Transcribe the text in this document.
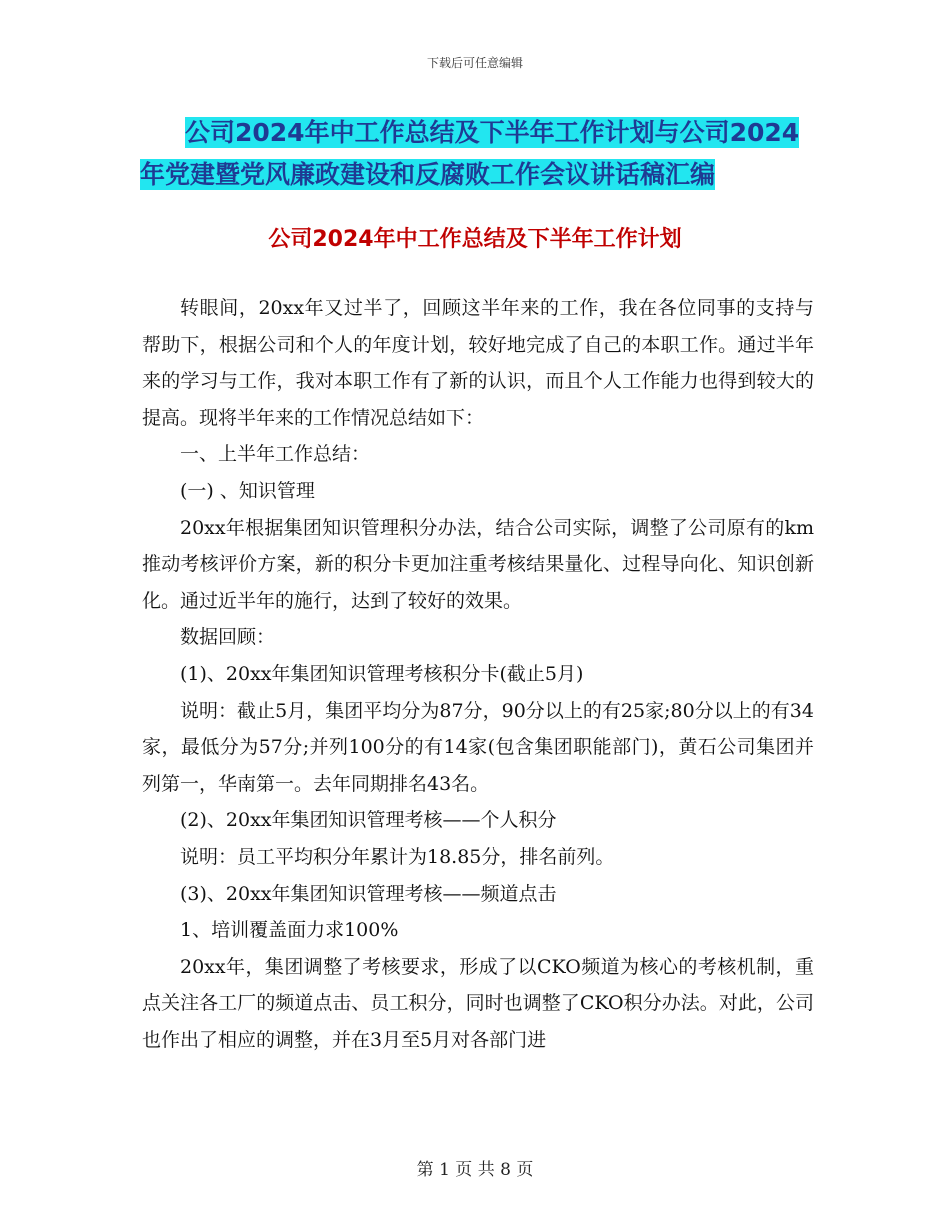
下载后可任意编辑
公司2024年中工作总结及下半年工作计划与公司2024
年党建暨党风廉政建设和反腐败工作会议讲话稿汇编
公司2024年中工作总结及下半年工作计划

转眼间，20xx年又过半了，回顾这半年来的工作，我在各位同事的支持与帮助下，根据公司和个人的年度计划，较好地完成了自己的本职工作。通过半年来的学习与工作，我对本职工作有了新的认识，而且个人工作能力也得到较大的提高。现将半年来的工作情况总结如下：

一、上半年工作总结：

(一) 、知识管理

20xx年根据集团知识管理积分办法，结合公司实际，调整了公司原有的km推动考核评价方案，新的积分卡更加注重考核结果量化、过程导向化、知识创新化。通过近半年的施行，达到了较好的效果。

数据回顾：

(1)、20xx年集团知识管理考核积分卡(截止5月)

说明：截止5月，集团平均分为87分，90分以上的有25家;80分以上的有34家，最低分为57分;并列100分的有14家(包含集团职能部门)，黄石公司集团并列第一，华南第一。去年同期排名43名。

(2)、20xx年集团知识管理考核——个人积分

说明：员工平均积分年累计为18.85分，排名前列。

(3)、20xx年集团知识管理考核——频道点击

1、培训覆盖面力求100%

20xx年，集团调整了考核要求，形成了以CKO频道为核心的考核机制，重点关注各工厂的频道点击、员工积分，同时也调整了CKO积分办法。对此，公司也作出了相应的调整，并在3月至5月对各部门进

第 1 页 共 8 页
